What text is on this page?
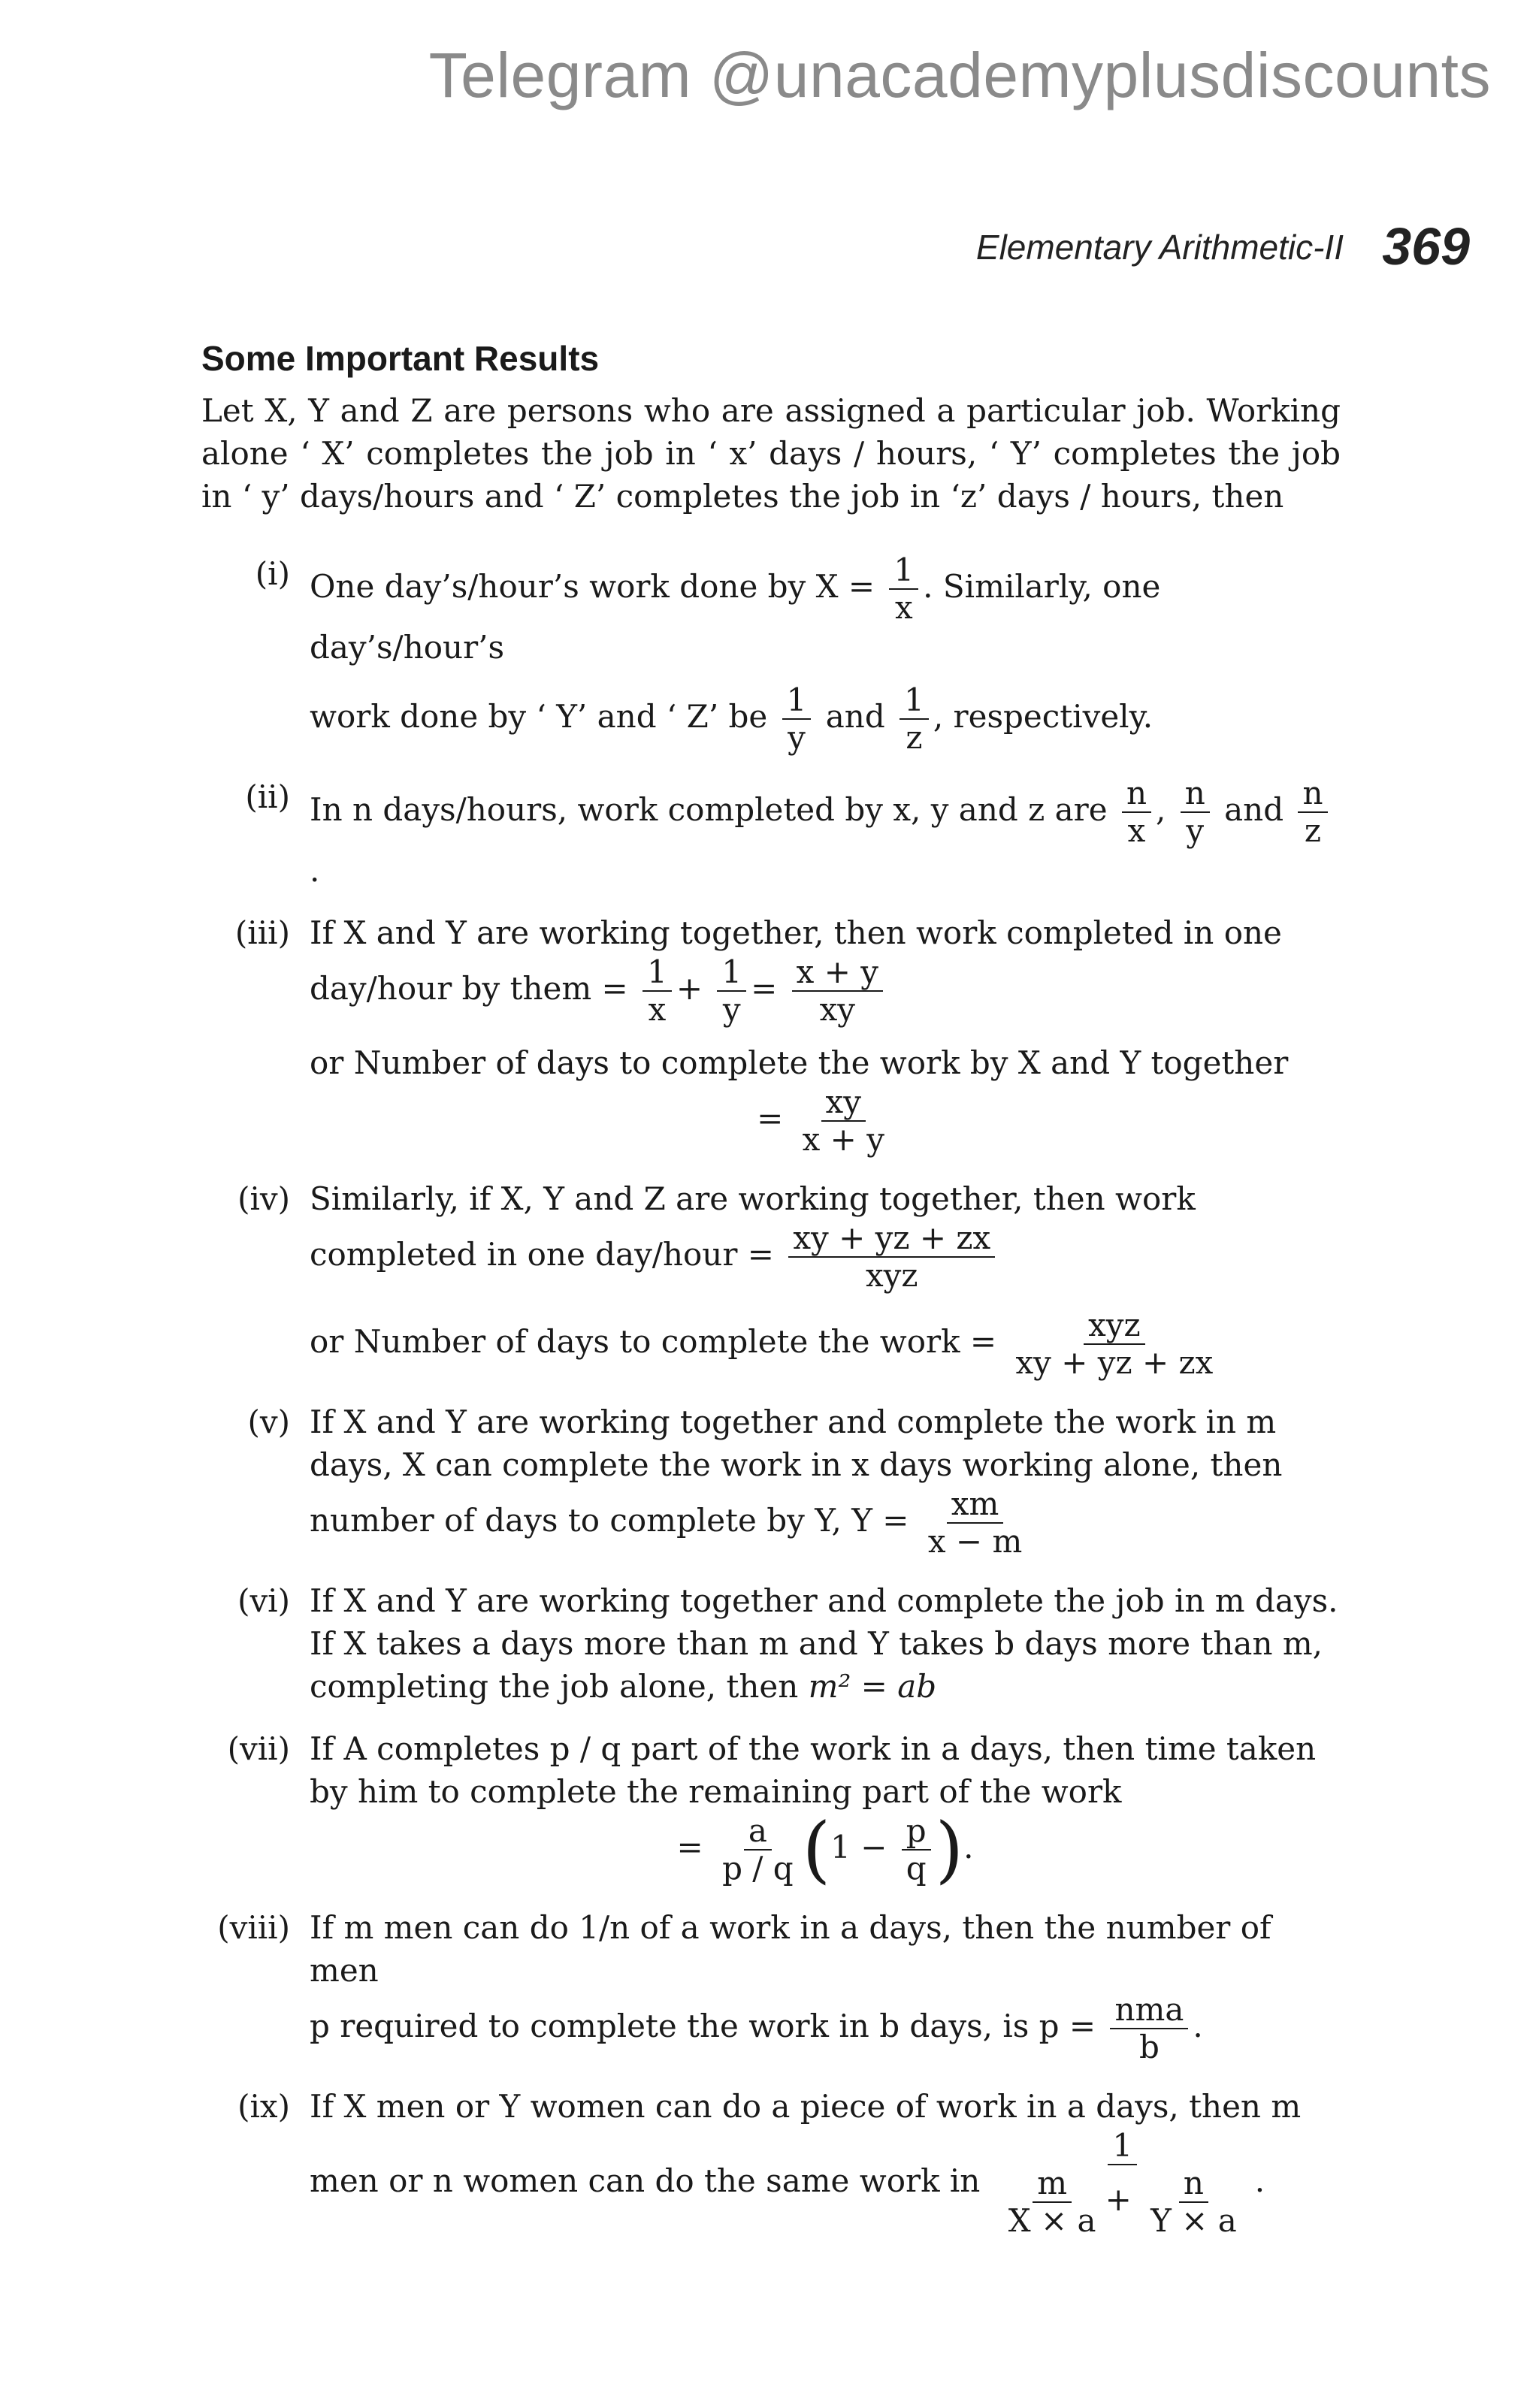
Telegram @unacademyplusdiscounts
Elementary Arithmetic-II 369
Some Important Results
Let X, Y and Z are persons who are assigned a particular job. Working alone ‘ X’ completes the job in ‘ x’ days / hours, ‘ Y’ completes the job in ‘ y’ days/hours and ‘ Z’ completes the job in ‘z’ days / hours, then
(i) One day’s/hour’s work done by $X = \frac{1}{x}$ . Similarly, one day’s/hour’s
work done by ‘ Y’ and ‘ Z’ be $\frac{1}{y}$ and $\frac{1}{z}$ , respectively.
(ii) In n days/hours, work completed by x, y and z are $\frac{n}{x}$ , $\frac{n}{y}$ and $\frac{n}{z}$
.
(iii) If X and Y are working together, then work completed in one
day/hour by them = $\frac{1}{x} + \frac{1}{y} = \frac{x + y}{xy}$
or Number of days to complete the work by X and Y together
= $\frac{xy}{x + y}$
(iv) Similarly, if X, Y and Z are working together, then work
completed in one day/hour = $\frac{xy + yz + zx}{\text{xyz}}$
or Number of days to complete the work = $\frac{\text{xyz}}{xy + yz + zx}$
(v) If X and Y are working together and complete the work in m days, X can complete the work in x days working alone, then
number of days to complete by Y, $Y = \frac{xm}{x - m}$
(vi) If X and Y are working together and complete the job in m days. If X takes a days more than m and Y takes b days more than m,
completing the job alone, then m² = ab
(vii) If A completes p / q part of the work in a days, then time taken by him to complete the remaining part of the work
= $\frac{a}{p / q} (1 - \frac{p}{q}$ ).
(viii) If m men can do 1/n of a work in a days, then the number of men
p required to complete the work in b days, is $p = \frac{\text{nma}}{b}$ .
(ix) If X men or Y women can do a piece of work in a days, then m
men or n women can do the same work in $\frac{1}{\frac{m}{X \times a} + \frac{n}{Y \times a}}$ .
